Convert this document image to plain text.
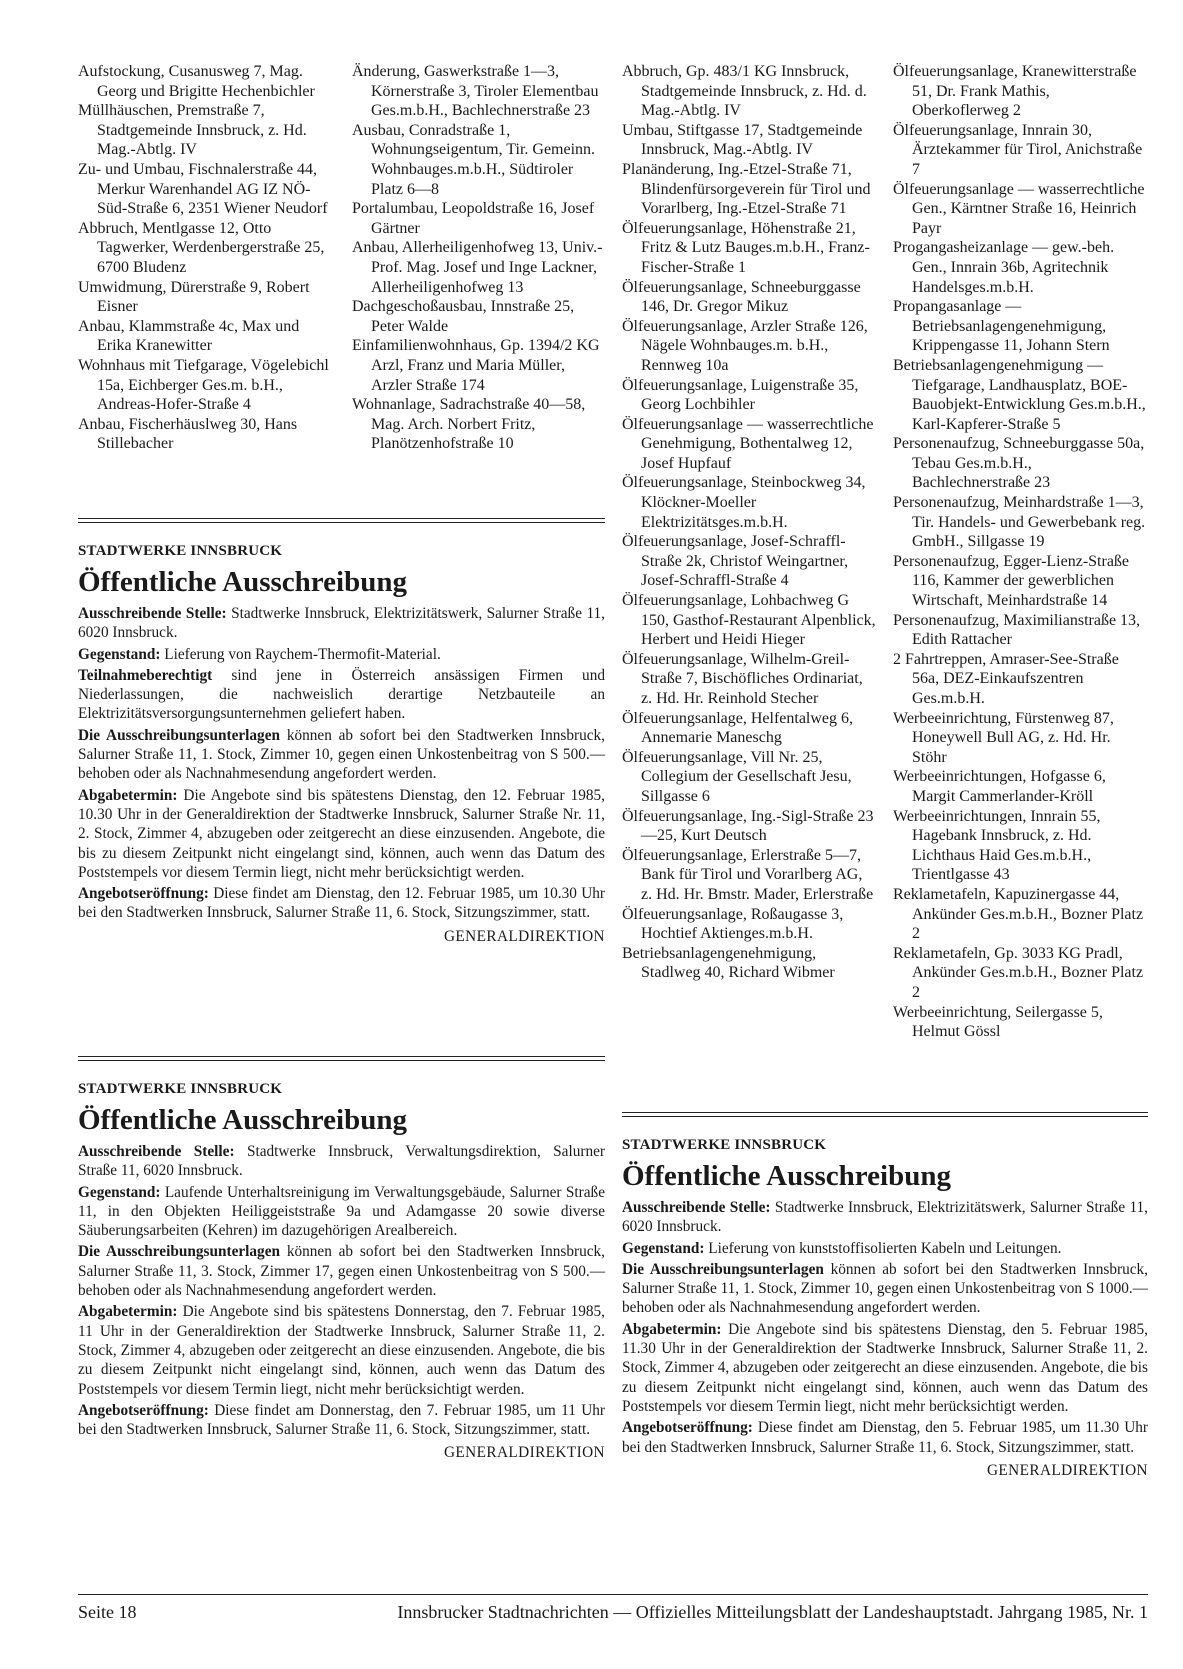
Aufstockung, Cusanusweg 7, Mag. Georg und Brigitte Hechenbichler

Müllhäuschen, Premstraße 7, Stadtgemeinde Innsbruck, z. Hd. Mag.-Abtlg. IV

Zu- und Umbau, Fischnalerstraße 44, Merkur Warenhandel AG IZ NÖ-Süd-Straße 6, 2351 Wiener Neudorf

Abbruch, Mentlgasse 12, Otto Tagwerker, Werdenbergerstraße 25, 6700 Bludenz

Umwidmung, Dürerstraße 9, Robert Eisner

Anbau, Klammstraße 4c, Max und Erika Kranewitter

Wohnhaus mit Tiefgarage, Vögelebichl 15a, Eichberger Ges.m. b.H., Andreas-Hofer-Straße 4

Anbau, Fischerhäuslweg 30, Hans Stillebacher

Änderung, Gaswerkstraße 1—3, Körnerstraße 3, Tiroler Elementbau Ges.m.b.H., Bachlechnerstraße 23

Ausbau, Conradstraße 1, Wohnungseigentum, Tir. Gemeinn. Wohnbauges.m.b.H., Südtiroler Platz 6—8

Portalumbau, Leopoldstraße 16, Josef Gärtner

Anbau, Allerheiligenhofweg 13, Univ.-Prof. Mag. Josef und Inge Lackner, Allerheiligenhofweg 13

Dachgeschoßausbau, Innstraße 25, Peter Walde

Einfamilienwohnhaus, Gp. 1394/2 KG Arzl, Franz und Maria Müller, Arzler Straße 174

Wohnanlage, Sadrachstraße 40—58, Mag. Arch. Norbert Fritz, Planötzenhofstraße 10

Abbruch, Gp. 483/1 KG Innsbruck, Stadtgemeinde Innsbruck, z. Hd. d. Mag.-Abtlg. IV

Umbau, Stiftgasse 17, Stadtgemeinde Innsbruck, Mag.-Abtlg. IV

Planänderung, Ing.-Etzel-Straße 71, Blindenfürsorgeverein für Tirol und Vorarlberg, Ing.-Etzel-Straße 71

Ölfeuerungsanlage, Höhenstraße 21, Fritz & Lutz Bauges.m.b.H., Franz-Fischer-Straße 1

Ölfeuerungsanlage, Schneeburggasse 146, Dr. Gregor Mikuz

Ölfeuerungsanlage, Arzler Straße 126, Nägele Wohnbauges.m. b.H., Rennweg 10a

Ölfeuerungsanlage, Luigenstraße 35, Georg Lochbihler

Ölfeuerungsanlage — wasserrechtliche Genehmigung, Bothentalweg 12, Josef Hupfauf

Ölfeuerungsanlage, Steinbockweg 34, Klöckner-Moeller Elektrizitätsges.m.b.H.

Ölfeuerungsanlage, Josef-Schraffl-Straße 2k, Christof Weingartner, Josef-Schraffl-Straße 4

Ölfeuerungsanlage, Lohbachweg G 150, Gasthof-Restaurant Alpenblick, Herbert und Heidi Hieger

Ölfeuerungsanlage, Wilhelm-Greil-Straße 7, Bischöfliches Ordinariat, z. Hd. Hr. Reinhold Stecher

Ölfeuerungsanlage, Helfentalweg 6, Annemarie Maneschg

Ölfeuerungsanlage, Vill Nr. 25, Collegium der Gesellschaft Jesu, Sillgasse 6

Ölfeuerungsanlage, Ing.-Sigl-Straße 23—25, Kurt Deutsch

Ölfeuerungsanlage, Erlerstraße 5—7, Bank für Tirol und Vorarlberg AG, z. Hd. Hr. Bmstr. Mader, Erlerstraße

Ölfeuerungsanlage, Roßaugasse 3, Hochtief Aktienges.m.b.H.

Betriebsanlagengenehmigung, Stadlweg 40, Richard Wibmer

Ölfeuerungsanlage, Kranewitterstraße 51, Dr. Frank Mathis, Oberkoflerweg 2

Ölfeuerungsanlage, Innrain 30, Ärztekammer für Tirol, Anichstraße 7

Ölfeuerungsanlage — wasserrechtliche Gen., Kärntner Straße 16, Heinrich Payr

Progangasheizanlage — gew.-beh. Gen., Innrain 36b, Agritechnik Handelsges.m.b.H.

Propangasanlage — Betriebsanlagengenehmigung, Krippengasse 11, Johann Stern

Betriebsanlagengenehmigung — Tiefgarage, Landhausplatz, BOE-Bauobjekt-Entwicklung Ges.m.b.H., Karl-Kapferer-Straße 5

Personenaufzug, Schneeburggasse 50a, Tebau Ges.m.b.H., Bachlechnerstraße 23

Personenaufzug, Meinhardstraße 1—3, Tir. Handels- und Gewerbebank reg. GmbH., Sillgasse 19

Personenaufzug, Egger-Lienz-Straße 116, Kammer der gewerblichen Wirtschaft, Meinhardstraße 14

Personenaufzug, Maximilianstraße 13, Edith Rattacher

2 Fahrtreppen, Amraser-See-Straße 56a, DEZ-Einkaufszentren Ges.m.b.H.

Werbeeinrichtung, Fürstenweg 87, Honeywell Bull AG, z. Hd. Hr. Stöhr

Werbeeinrichtungen, Hofgasse 6, Margit Cammerlander-Kröll

Werbeeinrichtungen, Innrain 55, Hagebank Innsbruck, z. Hd. Lichthaus Haid Ges.m.b.H., Trientlgasse 43

Reklametafeln, Kapuzinergasse 44, Ankünder Ges.m.b.H., Bozner Platz 2

Reklametafeln, Gp. 3033 KG Pradl, Ankünder Ges.m.b.H., Bozner Platz 2

Werbeeinrichtung, Seilergasse 5, Helmut Gössl

STADTWERKE INNSBRUCK

Öffentliche Ausschreibung

Ausschreibende Stelle: Stadtwerke Innsbruck, Elektrizitätswerk, Salurner Straße 11, 6020 Innsbruck.

Gegenstand: Lieferung von Raychem-Thermofit-Material.

Teilnahmeberechtigt sind jene in Österreich ansässigen Firmen und Niederlassungen, die nachweislich derartige Netzbauteile an Elektrizitätsversorgungsunternehmen geliefert haben.

Die Ausschreibungsunterlagen können ab sofort bei den Stadtwerken Innsbruck, Salurner Straße 11, 1. Stock, Zimmer 10, gegen einen Unkostenbeitrag von S 500.— behoben oder als Nachnahmesendung angefordert werden.

Abgabetermin: Die Angebote sind bis spätestens Dienstag, den 12. Februar 1985, 10.30 Uhr in der Generaldirektion der Stadtwerke Innsbruck, Salurner Straße Nr. 11, 2. Stock, Zimmer 4, abzugeben oder zeitgerecht an diese einzusenden. Angebote, die bis zu diesem Zeitpunkt nicht eingelangt sind, können, auch wenn das Datum des Poststempels vor diesem Termin liegt, nicht mehr berücksichtigt werden.

Angebotseröffnung: Diese findet am Dienstag, den 12. Februar 1985, um 10.30 Uhr bei den Stadtwerken Innsbruck, Salurner Straße 11, 6. Stock, Sitzungszimmer, statt.

GENERALDIREKTION

STADTWERKE INNSBRUCK

Öffentliche Ausschreibung

Ausschreibende Stelle: Stadtwerke Innsbruck, Verwaltungsdirektion, Salurner Straße 11, 6020 Innsbruck.

Gegenstand: Laufende Unterhaltsreinigung im Verwaltungsgebäude, Salurner Straße 11, in den Objekten Heiliggeiststraße 9a und Adamgasse 20 sowie diverse Säuberungsarbeiten (Kehren) im dazugehörigen Arealbereich.

Die Ausschreibungsunterlagen können ab sofort bei den Stadtwerken Innsbruck, Salurner Straße 11, 3. Stock, Zimmer 17, gegen einen Unkostenbeitrag von S 500.— behoben oder als Nachnahmesendung angefordert werden.

Abgabetermin: Die Angebote sind bis spätestens Donnerstag, den 7. Februar 1985, 11 Uhr in der Generaldirektion der Stadtwerke Innsbruck, Salurner Straße 11, 2. Stock, Zimmer 4, abzugeben oder zeitgerecht an diese einzusenden. Angebote, die bis zu diesem Zeitpunkt nicht eingelangt sind, können, auch wenn das Datum des Poststempels vor diesem Termin liegt, nicht mehr berücksichtigt werden.

Angebotseröffnung: Diese findet am Donnerstag, den 7. Februar 1985, um 11 Uhr bei den Stadtwerken Innsbruck, Salurner Straße 11, 6. Stock, Sitzungszimmer, statt.

GENERALDIREKTION

STADTWERKE INNSBRUCK

Öffentliche Ausschreibung

Ausschreibende Stelle: Stadtwerke Innsbruck, Elektrizitätswerk, Salurner Straße 11, 6020 Innsbruck.

Gegenstand: Lieferung von kunststoffisolierten Kabeln und Leitungen.

Die Ausschreibungsunterlagen können ab sofort bei den Stadtwerken Innsbruck, Salurner Straße 11, 1. Stock, Zimmer 10, gegen einen Unkostenbeitrag von S 1000.— behoben oder als Nachnahmesendung angefordert werden.

Abgabetermin: Die Angebote sind bis spätestens Dienstag, den 5. Februar 1985, 11.30 Uhr in der Generaldirektion der Stadtwerke Innsbruck, Salurner Straße 11, 2. Stock, Zimmer 4, abzugeben oder zeitgerecht an diese einzusenden. Angebote, die bis zu diesem Zeitpunkt nicht eingelangt sind, können, auch wenn das Datum des Poststempels vor diesem Termin liegt, nicht mehr berücksichtigt werden.

Angebotseröffnung: Diese findet am Dienstag, den 5. Februar 1985, um 11.30 Uhr bei den Stadtwerken Innsbruck, Salurner Straße 11, 6. Stock, Sitzungszimmer, statt.

GENERALDIREKTION
Seite 18	Innsbrucker Stadtnachrichten — Offizielles Mitteilungsblatt der Landeshauptstadt. Jahrgang 1985, Nr. 1
